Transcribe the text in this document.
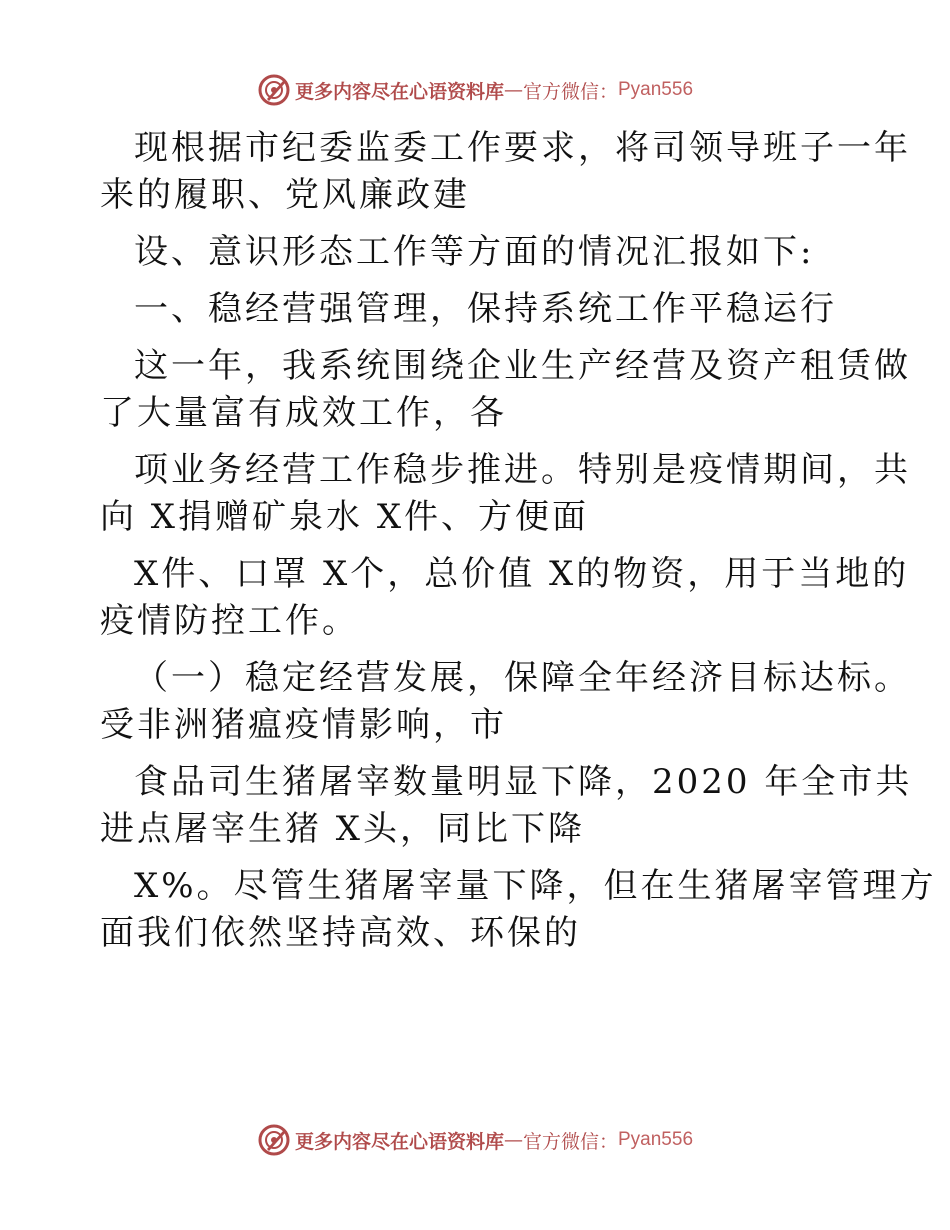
更多内容尽在心语资料库 — 官方微信： Pyan556
现根据市纪委监委工作要求，将司领导班子一年
来的履职、党风廉政建
设、意识形态工作等方面的情况汇报如下:
一、稳经营强管理，保持系统工作平稳运行
这一年，我系统围绕企业生产经营及资产租赁做
了大量富有成效工作，各
项业务经营工作稳步推进。特别是疫情期间，共
向 X捐赠矿泉水 X件、方便面
X件、口罩 X个，总价值 X的物资，用于当地的
疫情防控工作。
（一）稳定经营发展，保障全年经济目标达标。
受非洲猪瘟疫情影响，市
食品司生猪屠宰数量明显下降，2020 年全市共
进点屠宰生猪 X头，同比下降
X%。尽管生猪屠宰量下降，但在生猪屠宰管理方
面我们依然坚持高效、环保的
更多内容尽在心语资料库 — 官方微信： Pyan556
